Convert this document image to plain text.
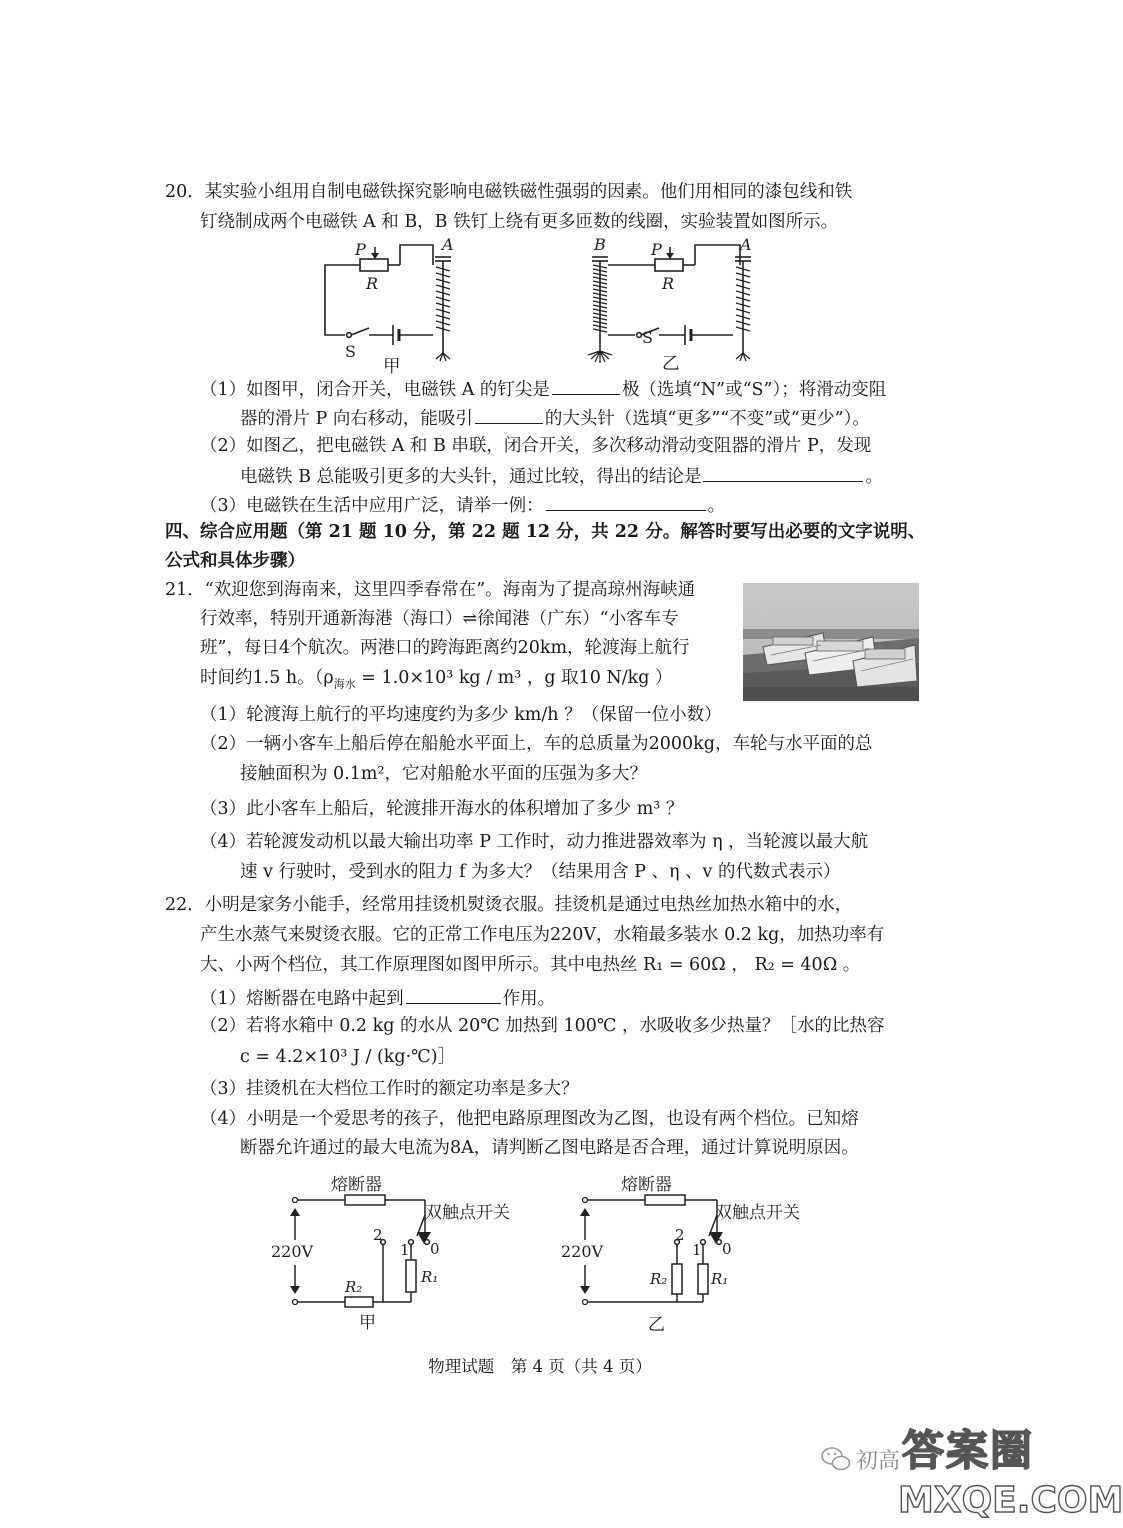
20．某实验小组用自制电磁铁探究影响电磁铁磁性强弱的因素。他们用相同的漆包线和铁
钉绕制成两个电磁铁 A 和 B，B 铁钉上绕有更多匝数的线圈，实验装置如图所示。
P
R
A
S
甲
B	P
R
A
S
乙
（1）如图甲，闭合开关，电磁铁 A 的钉尖是	极（选填“N”或“S”）；将滑动变阻
器的滑片 P 向右移动，能吸引	的大头针（选填“更多”“不变”或“更少”）。
（2）如图乙，把电磁铁 A 和 B 串联，闭合开关，多次移动滑动变阻器的滑片 P，发现
电磁铁 B 总能吸引更多的大头针，通过比较，得出的结论是	。
（3）电磁铁在生活中应用广泛，请举一例：	。
四、综合应用题（第 21 题 10 分，第 22 题 12 分，共 22 分。解答时要写出必要的文字说明、
公式和具体步骤）
21．“欢迎您到海南来，这里四季春常在”。海南为了提高琼州海峡通
行效率，特别开通新海港（海口）⇌徐闻港（广东）“小客车专
班”，每日4个航次。两港口的跨海距离约20km，轮渡海上航行
时间约1.5 h。（$\rho_{海水} = 1.0\times 10^3$ kg / m³ ，g 取10 N/kg ）
（1）轮渡海上航行的平均速度约为多少 km/h ？（保留一位小数）
（2）一辆小客车上船后停在船舱水平面上，车的总质量为2000kg，车轮与水平面的总
接触面积为 0.1m²，它对船舱水平面的压强为多大？
（3）此小客车上船后，轮渡排开海水的体积增加了多少 m³ ？
（4）若轮渡发动机以最大输出功率 P 工作时，动力推进器效率为 η ，当轮渡以最大航
速 v 行驶时，受到水的阻力 f 为多大？（结果用含 P 、η 、v 的代数式表示）
22．小明是家务小能手，经常用挂烫机熨烫衣服。挂烫机是通过电热丝加热水箱中的水，
产生水蒸气来熨烫衣服。它的正常工作电压为220V，水箱最多装水 0.2 kg，加热功率有
大、小两个档位，其工作原理图如图甲所示。其中电热丝 R₁ = 60Ω ， R₂ = 40Ω 。
（1）熔断器在电路中起到	作用。
（2）若将水箱中 0.2 kg 的水从 20℃ 加热到 100℃ ，水吸收多少热量？［水的比热容
c = 4.2×10³ J / (kg·℃)］
（3）挂烫机在大档位工作时的额定功率是多大？
（4）小明是一个爱思考的孩子，他把电路原理图改为乙图，也设有两个档位。已知熔
断器允许通过的最大电流为8A，请判断乙图电路是否合理，通过计算说明原因。
熔断器
双触点开关
220V
2
1 0
R₁
R₂
甲
熔断器
双触点开关
220V
2
1 0
R₂	R₁
乙
物理试题　第 4 页（共 4 页）
初高 答案圈
MXQE.COM
